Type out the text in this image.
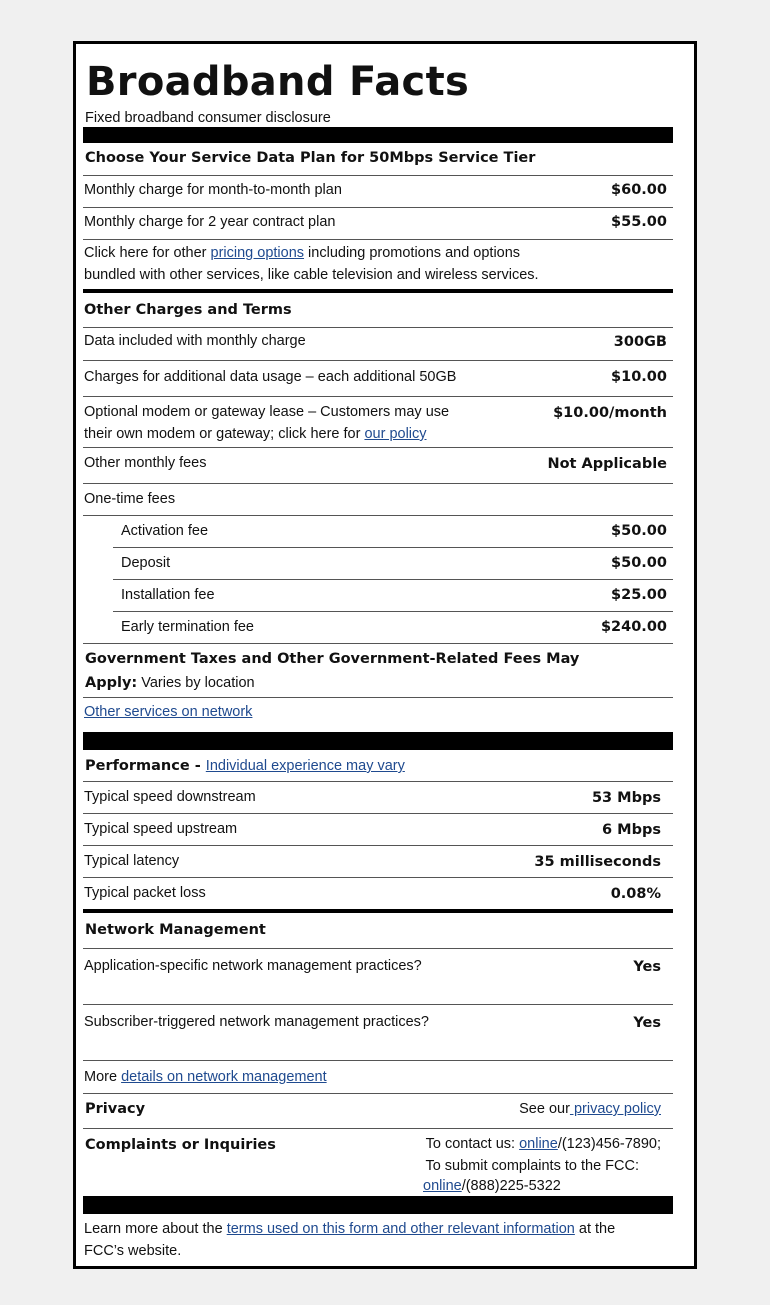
Broadband Facts
Fixed broadband consumer disclosure
Choose Your Service Data Plan for 50Mbps Service Tier
Monthly charge for month-to-month plan	$60.00
Monthly charge for 2 year contract plan	$55.00
Click here for other pricing options including promotions and options
bundled with other services, like cable television and wireless services.
Other Charges and Terms
Data included with monthly charge	300GB
Charges for additional data usage – each additional 50GB	$10.00
Optional modem or gateway lease – Customers may use
their own modem or gateway; click here for our policy
$10.00/month
Other monthly fees	Not Applicable
One-time fees
Activation fee	$50.00
Deposit	$50.00
Installation fee	$25.00
Early termination fee	$240.00
Government Taxes and Other Government-Related Fees May
Apply: Varies by location
Other services on network
Performance - Individual experience may vary
Typical speed downstream	53 Mbps
Typical speed upstream	6 Mbps
Typical latency	35 milliseconds
Typical packet loss	0.08%
Network Management
Application-specific network management practices?	Yes
Subscriber-triggered network management practices?	Yes
More details on network management
Privacy	See our privacy policy
Complaints or Inquiries	To contact us: online/(123)456-7890;
To submit complaints to the FCC:
online/(888)225-5322
Learn more about the terms used on this form and other relevant information at the
FCC’s website.
